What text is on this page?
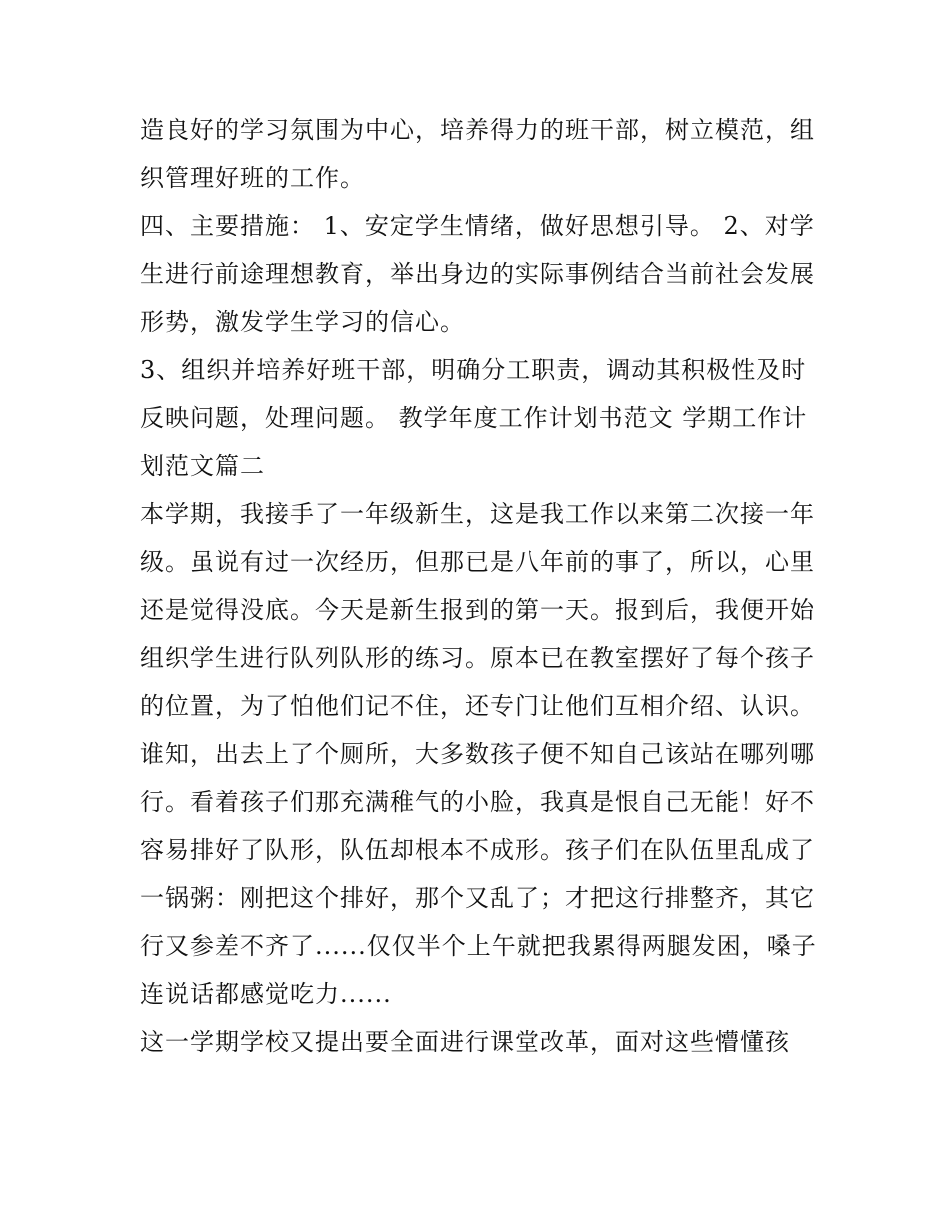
造良好的学习氛围为中心，培养得力的班干部，树立模范，组
织管理好班的工作。
四、主要措施： 1、安定学生情绪，做好思想引导。 2、对学
生进行前途理想教育，举出身边的实际事例结合当前社会发展
形势，激发学生学习的信心。
3、组织并培养好班干部，明确分工职责，调动其积极性及时
反映问题，处理问题。 教学年度工作计划书范文 学期工作计
划范文篇二
本学期，我接手了一年级新生，这是我工作以来第二次接一年
级。虽说有过一次经历，但那已是八年前的事了，所以，心里
还是觉得没底。今天是新生报到的第一天。报到后，我便开始
组织学生进行队列队形的练习。原本已在教室摆好了每个孩子
的位置，为了怕他们记不住，还专门让他们互相介绍、认识。
谁知，出去上了个厕所，大多数孩子便不知自己该站在哪列哪
行。看着孩子们那充满稚气的小脸，我真是恨自己无能！好不
容易排好了队形，队伍却根本不成形。孩子们在队伍里乱成了
一锅粥：刚把这个排好，那个又乱了；才把这行排整齐，其它
行又参差不齐了......仅仅半个上午就把我累得两腿发困，嗓子
连说话都感觉吃力......
这一学期学校又提出要全面进行课堂改革，面对这些懵懂孩
